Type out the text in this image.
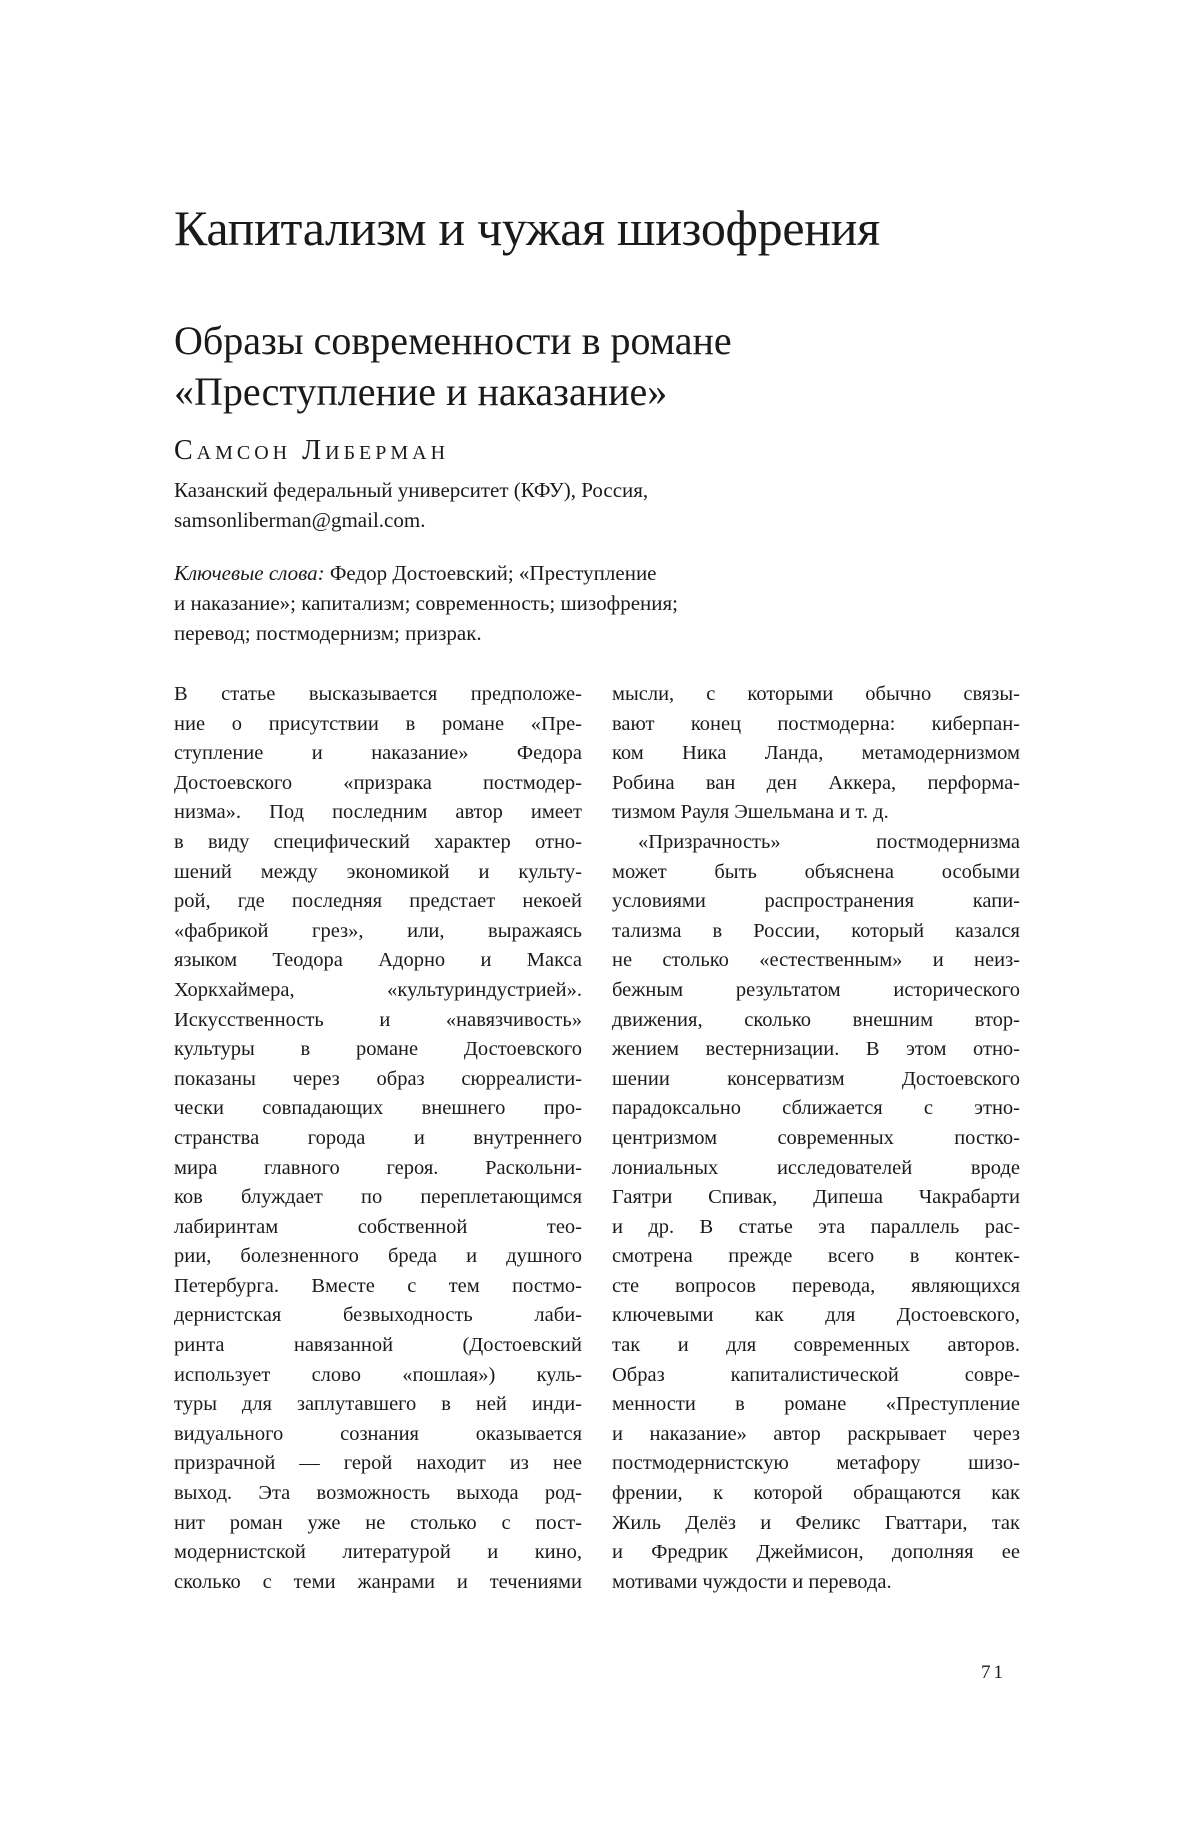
Капитализм и чужая шизофрения
Образы современности в романе
«Преступление и наказание»
Самсон Либерман
Казанский федеральный университет (КФУ), Россия,
samsonliberman@gmail.com.
Ключевые слова: Федор Достоевский; «Преступление
и наказание»; капитализм; современность; шизофрения;
перевод; постмодернизм; призрак.
В статье высказывается предположе-
ние о присутствии в романе «Пре-
ступление и наказание» Федора
Достоевского «призрака постмодер-
низма». Под последним автор имеет
в виду специфический характер отно-
шений между экономикой и культу-
рой, где последняя предстает некоей
«фабрикой грез», или, выражаясь
языком Теодора Адорно и Макса
Хоркхаймера, «культуриндустрией».
Искусственность и «навязчивость»
культуры в романе Достоевского
показаны через образ сюрреалисти-
чески совпадающих внешнего про-
странства города и внутреннего
мира главного героя. Раскольни-
ков блуждает по переплетающимся
лабиринтам собственной тео-
рии, болезненного бреда и душного
Петербурга. Вместе с тем постмо-
дернистская безвыходность лаби-
ринта навязанной (Достоевский
использует слово «пошлая») куль-
туры для заплутавшего в ней инди-
видуального сознания оказывается
призрачной — герой находит из нее
выход. Эта возможность выхода род-
нит роман уже не столько с пост-
модернистской литературой и кино,
сколько с теми жанрами и течениями
мысли, с которыми обычно связы-
вают конец постмодерна: киберпан-
ком Ника Ланда, метамодернизмом
Робина ван ден Аккера, перформа-
тизмом Рауля Эшельмана и т. д.
«Призрачность» постмодернизма
может быть объяснена особыми
условиями распространения капи-
тализма в России, который казался
не столько «естественным» и неиз-
бежным результатом исторического
движения, сколько внешним втор-
жением вестернизации. В этом отно-
шении консерватизм Достоевского
парадоксально сближается с этно-
центризмом современных постко-
лониальных исследователей вроде
Гаятри Спивак, Дипеша Чакрабарти
и др. В статье эта параллель рас-
смотрена прежде всего в контек-
сте вопросов перевода, являющихся
ключевыми как для Достоевского,
так и для современных авторов.
Образ капиталистической совре-
менности в романе «Преступление
и наказание» автор раскрывает через
постмодернистскую метафору шизо-
френии, к которой обращаются как
Жиль Делёз и Феликс Гваттари, так
и Фредрик Джеймисон, дополняя ее
мотивами чуждости и перевода.
71
